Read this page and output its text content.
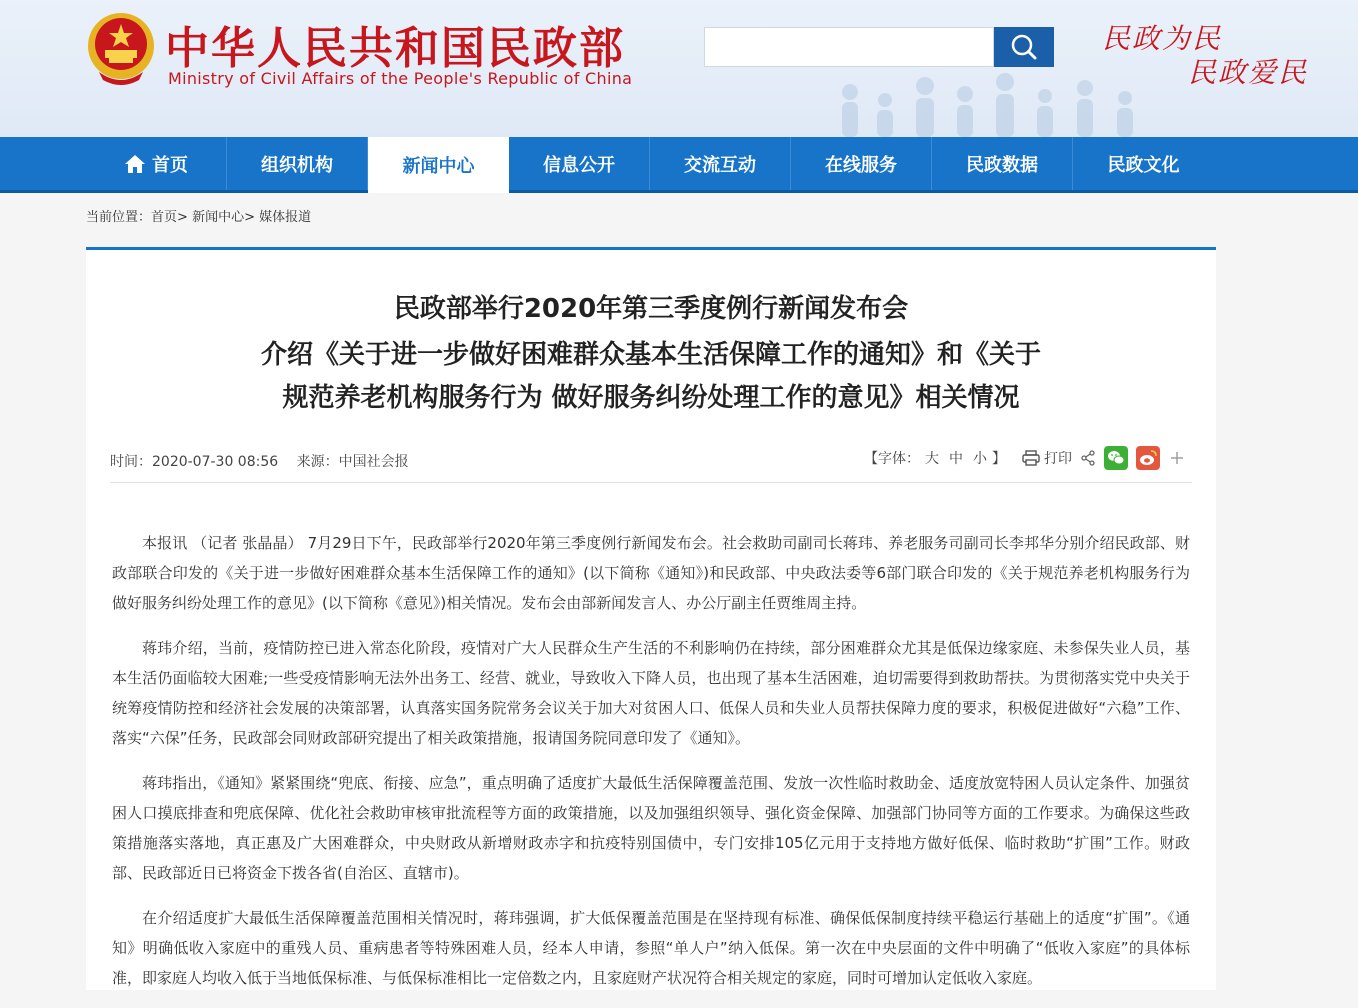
中华人民共和国民政部
Ministry of Civil Affairs of the People's Republic of China
民政为民
民政爱民
首页	组织机构	新闻中心	信息公开	交流互动	在线服务	民政数据	民政文化
当前位置：首页> 新闻中心> 媒体报道
民政部举行2020年第三季度例行新闻发布会
介绍《关于进一步做好困难群众基本生活保障工作的通知》和《关于
规范养老机构服务行为 做好服务纠纷处理工作的意见》相关情况
时间：2020-07-30 08:56 来源：中国社会报	【字体： 大 中 小 】	打印

本报讯 （记者 张晶晶） 7月29日下午，民政部举行2020年第三季度例行新闻发布会。社会救助司副司长蒋玮、养老服务司副司长李邦华分别介绍民政部、财政部联合印发的《关于进一步做好困难群众基本生活保障工作的通知》(以下简称《通知》)和民政部、中央政法委等6部门联合印发的《关于规范养老机构服务行为 做好服务纠纷处理工作的意见》(以下简称《意见》)相关情况。发布会由部新闻发言人、办公厅副主任贾维周主持。

蒋玮介绍，当前，疫情防控已进入常态化阶段，疫情对广大人民群众生产生活的不利影响仍在持续，部分困难群众尤其是低保边缘家庭、未参保失业人员，基本生活仍面临较大困难;一些受疫情影响无法外出务工、经营、就业，导致收入下降人员，也出现了基本生活困难，迫切需要得到救助帮扶。为贯彻落实党中央关于统筹疫情防控和经济社会发展的决策部署，认真落实国务院常务会议关于加大对贫困人口、低保人员和失业人员帮扶保障力度的要求，积极促进做好“六稳”工作、落实“六保”任务，民政部会同财政部研究提出了相关政策措施，报请国务院同意印发了《通知》。

蒋玮指出，《通知》紧紧围绕“兜底、衔接、应急”，重点明确了适度扩大最低生活保障覆盖范围、发放一次性临时救助金、适度放宽特困人员认定条件、加强贫困人口摸底排查和兜底保障、优化社会救助审核审批流程等方面的政策措施，以及加强组织领导、强化资金保障、加强部门协同等方面的工作要求。为确保这些政策措施落实落地，真正惠及广大困难群众，中央财政从新增财政赤字和抗疫特别国债中，专门安排105亿元用于支持地方做好低保、临时救助“扩围”工作。财政部、民政部近日已将资金下拨各省(自治区、直辖市)。

在介绍适度扩大最低生活保障覆盖范围相关情况时，蒋玮强调，扩大低保覆盖范围是在坚持现有标准、确保低保制度持续平稳运行基础上的适度“扩围”。《通知》明确低收入家庭中的重残人员、重病患者等特殊困难人员，经本人申请，参照“单人户”纳入低保。第一次在中央层面的文件中明确了“低收入家庭”的具体标准，即家庭人均收入低于当地低保标准、与低保标准相比一定倍数之内，且家庭财产状况符合相关规定的家庭，同时可增加认定低收入家庭。
